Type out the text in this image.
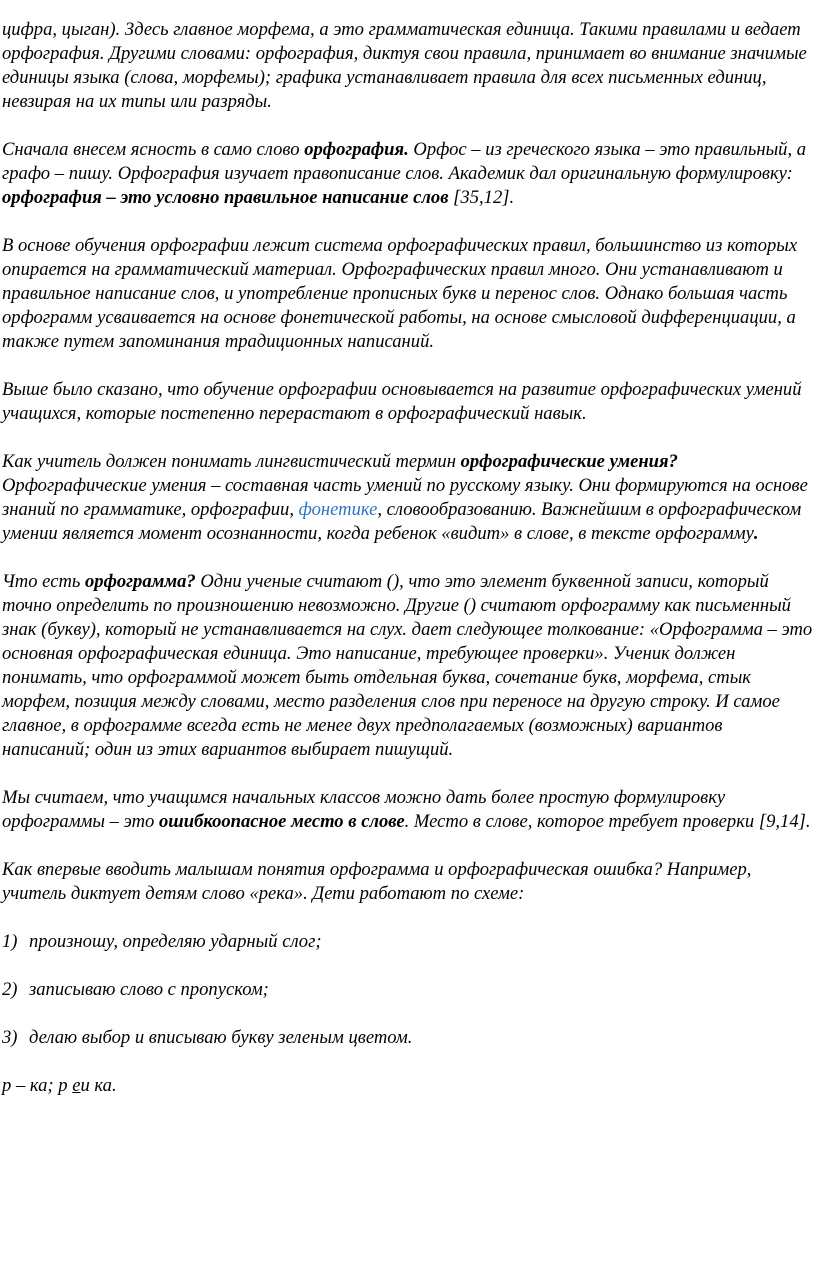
цифра, цыган). Здесь главное морфема, а это грамматическая единица. Такими правилами и ведает орфография. Другими словами: орфография, диктуя свои правила, принимает во внимание значимые единицы языка (слова, морфемы); графика устанавливает правила для всех письменных единиц, невзирая на их типы или разряды.

Сначала внесем ясность в само слово орфография. Орфос – из греческого языка – это правильный, а графо – пишу. Орфография изучает правописание слов. Академик дал оригинальную формулировку: орфография – это условно правильное написание слов [35,12].

В основе обучения орфографии лежит система орфографических правил, большинство из которых опирается на грамматический материал. Орфографических правил много. Они устанавливают и правильное написание слов, и употребление прописных букв и перенос слов. Однако большая часть орфограмм усваивается на основе фонетической работы, на основе смысловой дифференциации, а также путем запоминания традиционных написаний.

Выше было сказано, что обучение орфографии основывается на развитие орфографических умений учащихся, которые постепенно перерастают в орфографический навык.

Как учитель должен понимать лингвистический термин орфографические умения? Орфографические умения – составная часть умений по русскому языку. Они формируются на основе знаний по грамматике, орфографии, фонетике, словообразованию. Важнейшим в орфографическом умении является момент осознанности, когда ребенок «видит» в слове, в тексте орфограмму.

Что есть орфограмма? Одни ученые считают (), что это элемент буквенной записи, который точно определить по произношению невозможно. Другие () считают орфограмму как письменный знак (букву), который не устанавливается на слух. дает следующее толкование: «Орфограмма – это основная орфографическая единица. Это написание, требующее проверки». Ученик должен понимать, что орфограммой может быть отдельная буква, сочетание букв, морфема, стык морфем, позиция между словами, место разделения слов при переносе на другую строку. И самое главное, в орфограмме всегда есть не менее двух предполагаемых (возможных) вариантов написаний; один из этих вариантов выбирает пишущий.

Мы считаем, что учащимся начальных классов можно дать более простую формулировку орфограммы – это ошибкоопасное место в слове. Место в слове, которое требует проверки [9,14].

Как впервые вводить малышам понятия орфограмма и орфографическая ошибка? Например, учитель диктует детям слово «река». Дети работают по схеме:

1) произношу, определяю ударный слог;

2) записываю слово с пропуском;

3) делаю выбор и вписываю букву зеленым цветом.

р – ка; р еи ка.
